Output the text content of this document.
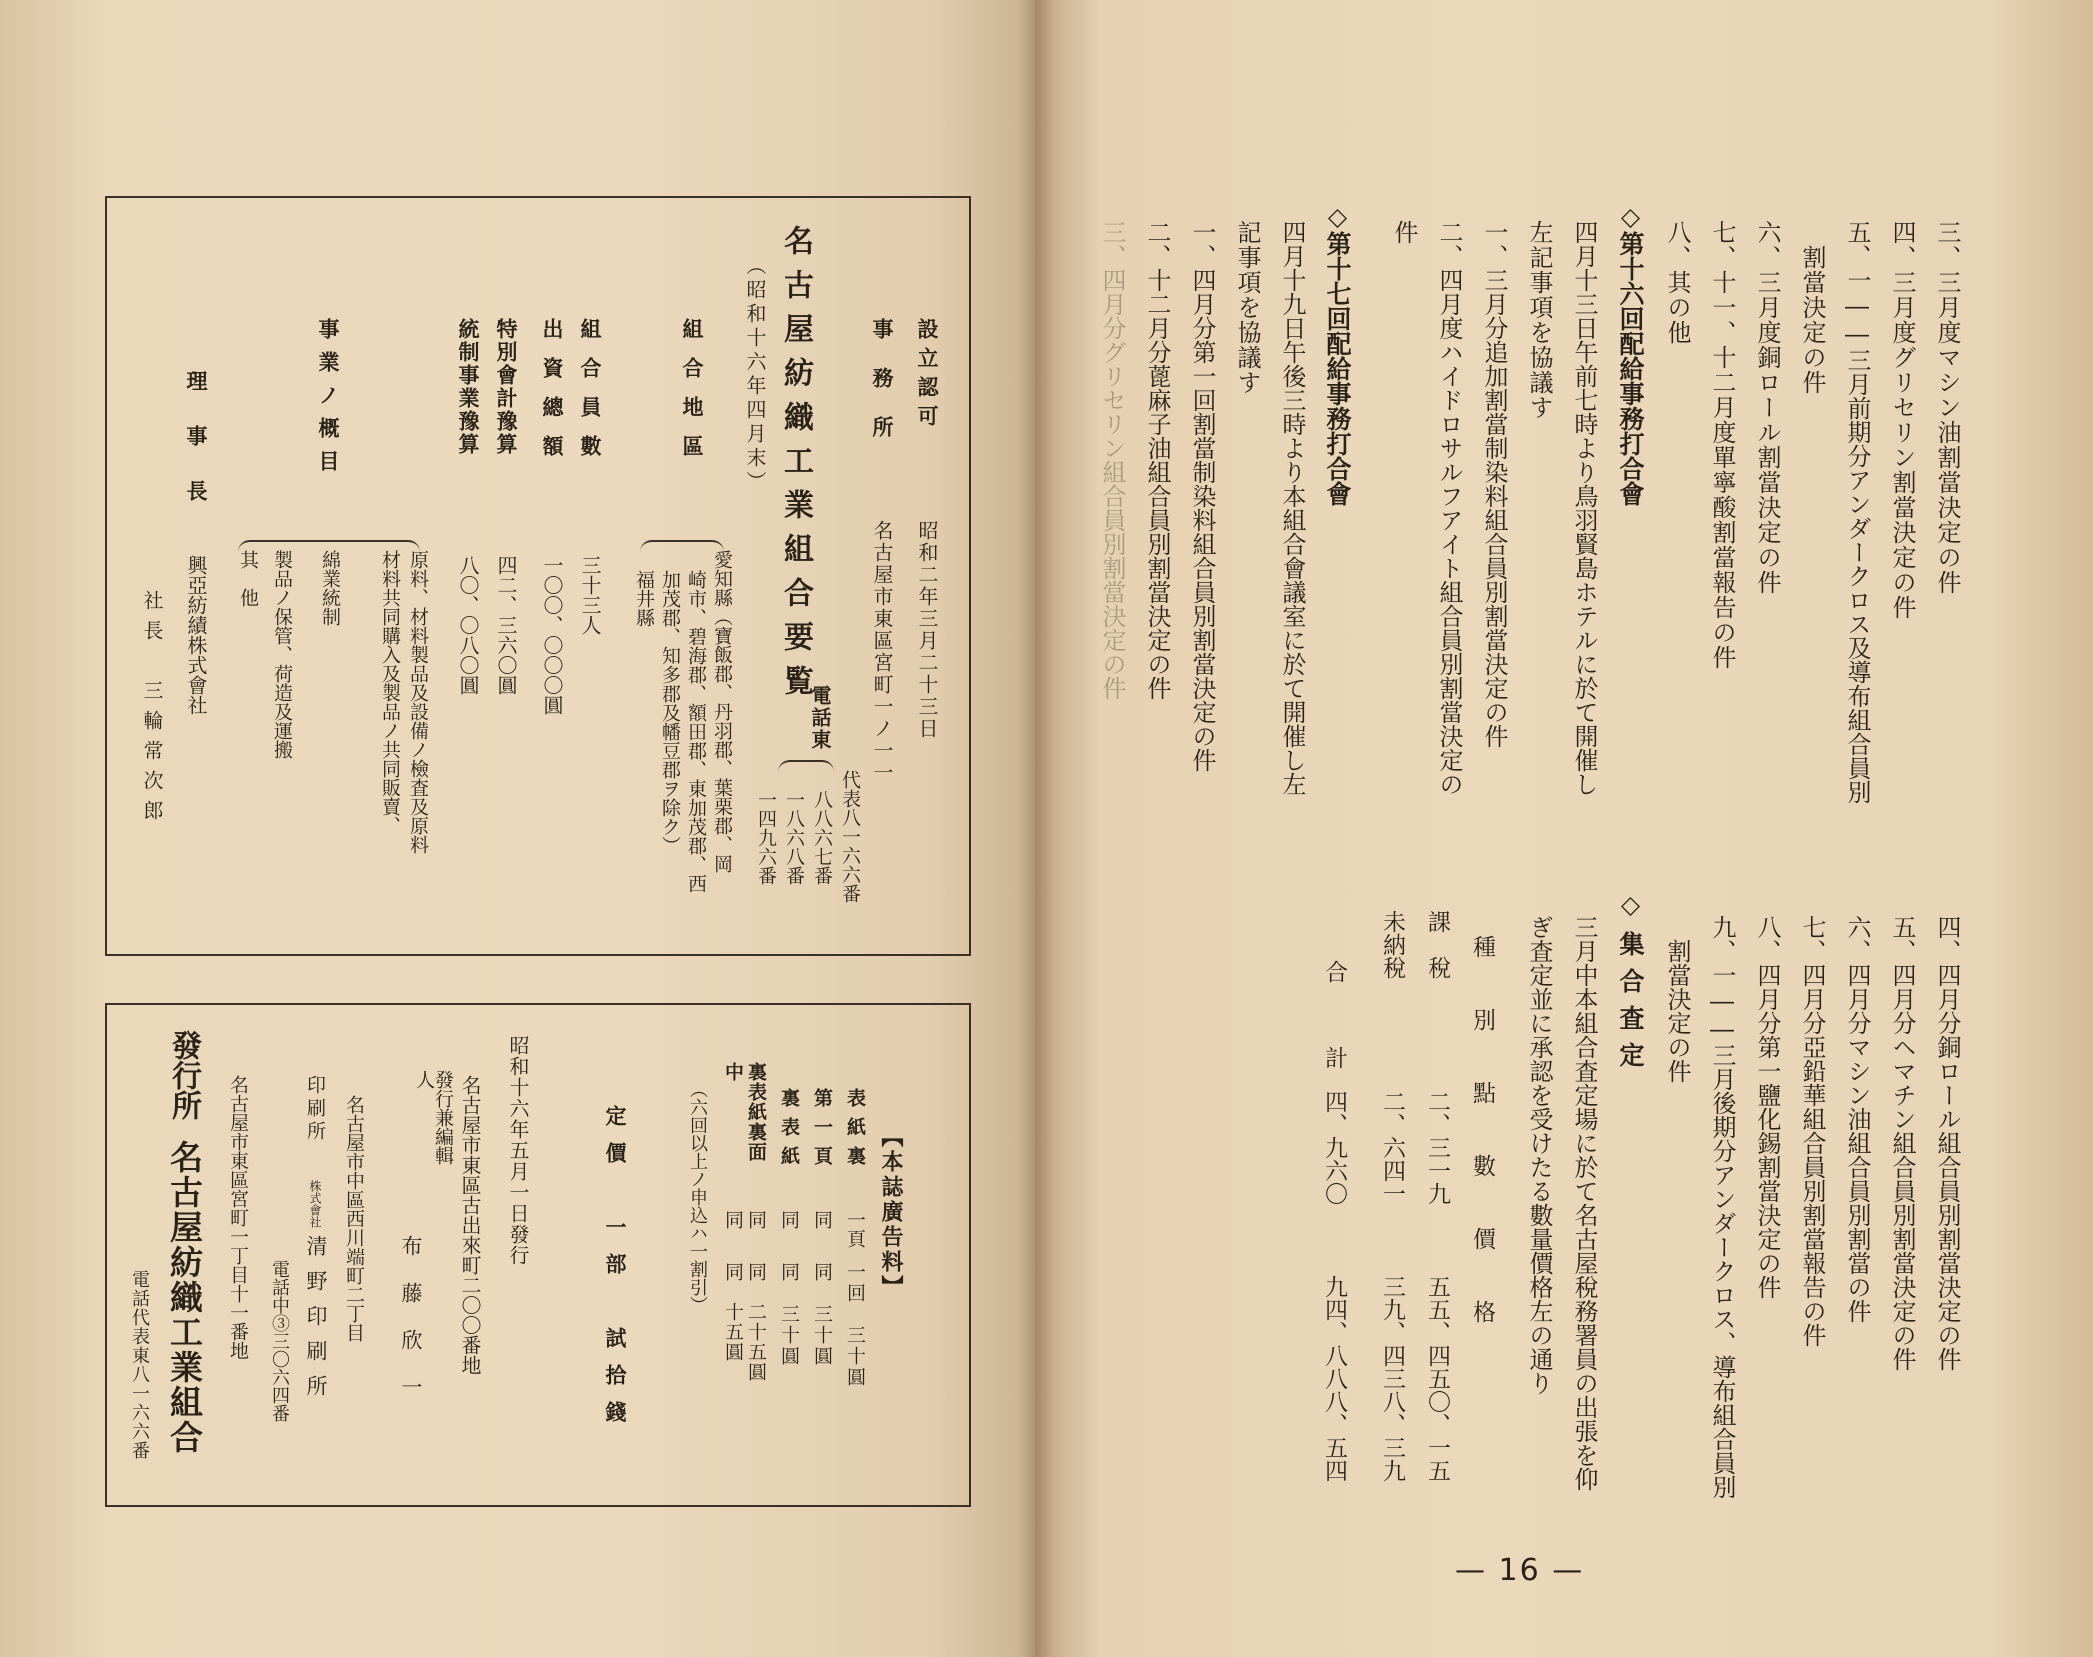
名古屋紡織工業組合要覧
（昭和十六年四月末）	設立認可
昭和二年三月二十三日
事務所
名古屋市東區宮町一ノ一一
電話東
代表八一六六番
八八六七番
一八六八番
一四九六番
組合地區
愛知縣（寶飯郡、丹羽郡、葉栗郡、岡
崎市、碧海郡、額田郡、東加茂郡、西
加茂郡、知多郡及幡豆郡ヲ除ク）
福井縣
組合員數
三十三人
出資總額
一〇〇、〇〇〇圓
特別會計豫算
四二、三六〇圓
統制事業豫算
八〇、〇八〇圓
事業ノ概目
原料、材料製品及設備ノ檢査及原料
材料共同購入及製品ノ共同販賣、
綿業統制
製品ノ保管、荷造及運搬
其　他
理事長
興亞紡績株式會社
社長　三輪常次郎
【本誌廣告料】
表紙裏
一頁
一回　三十圓
第一頁
同
同　三十圓
裏表紙
同
同　三十圓
裏表紙裏面
同
同　二十五圓
中
同
同　十五圓
（六回以上ノ申込ハ一割引）
定價　一部　試拾錢
昭和十六年五月一日發行
名古屋市東區古出來町二〇〇番地
發行兼編輯人
布藤欣一
名古屋市中區西川端町二丁目
印刷所
株式會社
清野印刷所
電話中③三〇六四番
名古屋市東區宮町一丁目十一番地
發行所
名古屋紡織工業組合
電話代表東八一六六番
三、三月度マシン油割當決定の件
四、三月度グリセリン割當決定の件
五、一――三月前期分アンダークロス及導布組合員別
　割當決定の件
六、三月度銅ロール割當決定の件
七、十一、十二月度單寧酸割當報告の件
八、其の他
◇第十六回配給事務打合會
四月十三日午前七時より鳥羽賢島ホテルに於て開催し
左記事項を協議す
一、三月分追加割當制染料組合員別割當決定の件
二、四月度ハイドロサルフアイト組合員別割當決定の
件
◇第十七回配給事務打合會
四月十九日午後三時より本組合會議室に於て開催し左
記事項を協議す
一、四月分第一回割當制染料組合員別割當決定の件
二、十二月分蓖麻子油組合員別割當決定の件
三、四月分グリセリン組合員別割當決定の件
四、四月分銅ロール組合員別割當決定の件
五、四月分ヘマチン組合員別割當決定の件
六、四月分マシン油組合員別割當の件
七、四月分亞鉛華組合員別割當報告の件
八、四月分第一鹽化錫割當決定の件
九、一――三月後期分アンダークロス、導布組合員別
　割當決定の件
◇集合査定
三月中本組合査定場に於て名古屋稅務署員の出張を仰
ぎ査定並に承認を受けたる數量價格左の通り
種別點數價格
課　稅
二、三一九
五五、四五〇、一五
未納稅
二、六四一
三九、四三八、三九
合　計
四、九六〇
九四、八八八、五四
— 16 —
